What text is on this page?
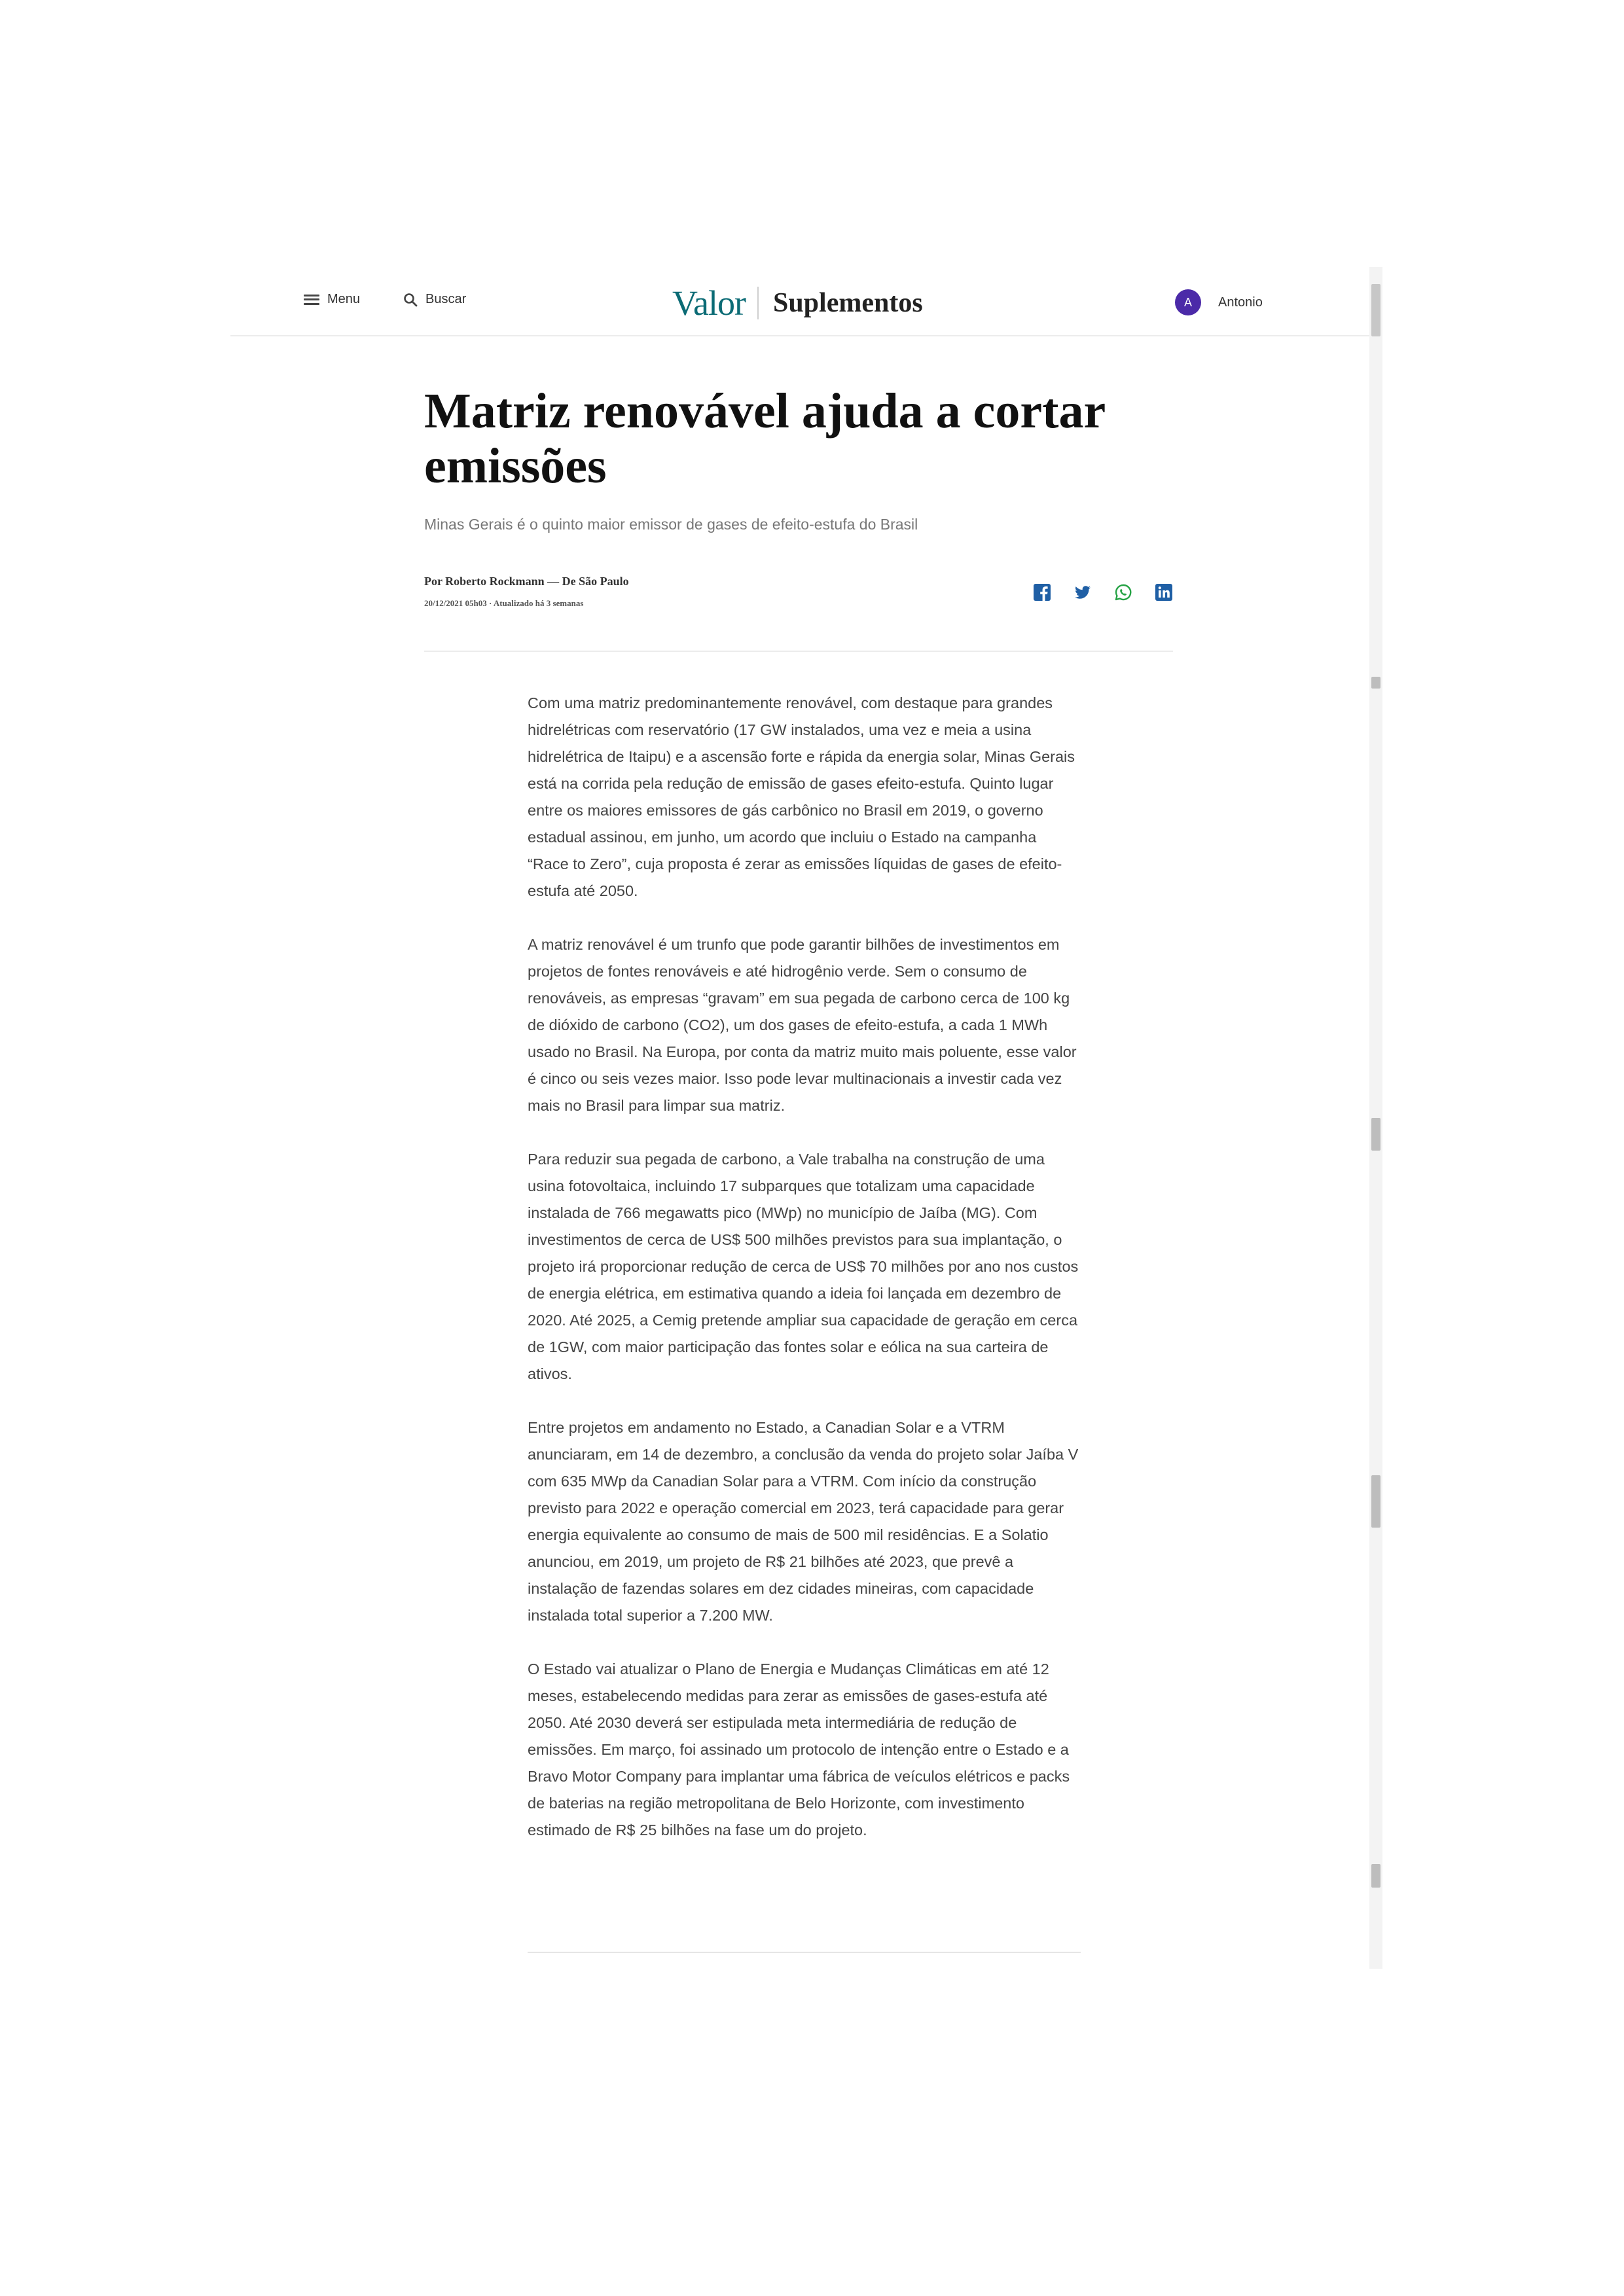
Menu	Buscar	Valor Suplementos	A	Antonio
Matriz renovável ajuda a cortar emissões

Minas Gerais é o quinto maior emissor de gases de efeito-estufa do Brasil

Por Roberto Rockmann — De São Paulo
20/12/2021 05h03 · Atualizado há 3 semanas

Com uma matriz predominantemente renovável, com destaque para grandes hidrelétricas com reservatório (17 GW instalados, uma vez e meia a usina hidrelétrica de Itaipu) e a ascensão forte e rápida da energia solar, Minas Gerais está na corrida pela redução de emissão de gases efeito-estufa. Quinto lugar entre os maiores emissores de gás carbônico no Brasil em 2019, o governo estadual assinou, em junho, um acordo que incluiu o Estado na campanha “Race to Zero”, cuja proposta é zerar as emissões líquidas de gases de efeito-estufa até 2050.

A matriz renovável é um trunfo que pode garantir bilhões de investimentos em projetos de fontes renováveis e até hidrogênio verde. Sem o consumo de renováveis, as empresas “gravam” em sua pegada de carbono cerca de 100 kg de dióxido de carbono (CO2), um dos gases de efeito-estufa, a cada 1 MWh usado no Brasil. Na Europa, por conta da matriz muito mais poluente, esse valor é cinco ou seis vezes maior. Isso pode levar multinacionais a investir cada vez mais no Brasil para limpar sua matriz.

Para reduzir sua pegada de carbono, a Vale trabalha na construção de uma usina fotovoltaica, incluindo 17 subparques que totalizam uma capacidade instalada de 766 megawatts pico (MWp) no município de Jaíba (MG). Com investimentos de cerca de US$ 500 milhões previstos para sua implantação, o projeto irá proporcionar redução de cerca de US$ 70 milhões por ano nos custos de energia elétrica, em estimativa quando a ideia foi lançada em dezembro de 2020. Até 2025, a Cemig pretende ampliar sua capacidade de geração em cerca de 1GW, com maior participação das fontes solar e eólica na sua carteira de ativos.

Entre projetos em andamento no Estado, a Canadian Solar e a VTRM anunciaram, em 14 de dezembro, a conclusão da venda do projeto solar Jaíba V com 635 MWp da Canadian Solar para a VTRM. Com início da construção previsto para 2022 e operação comercial em 2023, terá capacidade para gerar energia equivalente ao consumo de mais de 500 mil residências. E a Solatio anunciou, em 2019, um projeto de R$ 21 bilhões até 2023, que prevê a instalação de fazendas solares em dez cidades mineiras, com capacidade instalada total superior a 7.200 MW.

O Estado vai atualizar o Plano de Energia e Mudanças Climáticas em até 12 meses, estabelecendo medidas para zerar as emissões de gases-estufa até 2050. Até 2030 deverá ser estipulada meta intermediária de redução de emissões. Em março, foi assinado um protocolo de intenção entre o Estado e a Bravo Motor Company para implantar uma fábrica de veículos elétricos e packs de baterias na região metropolitana de Belo Horizonte, com investimento estimado de R$ 25 bilhões na fase um do projeto.
